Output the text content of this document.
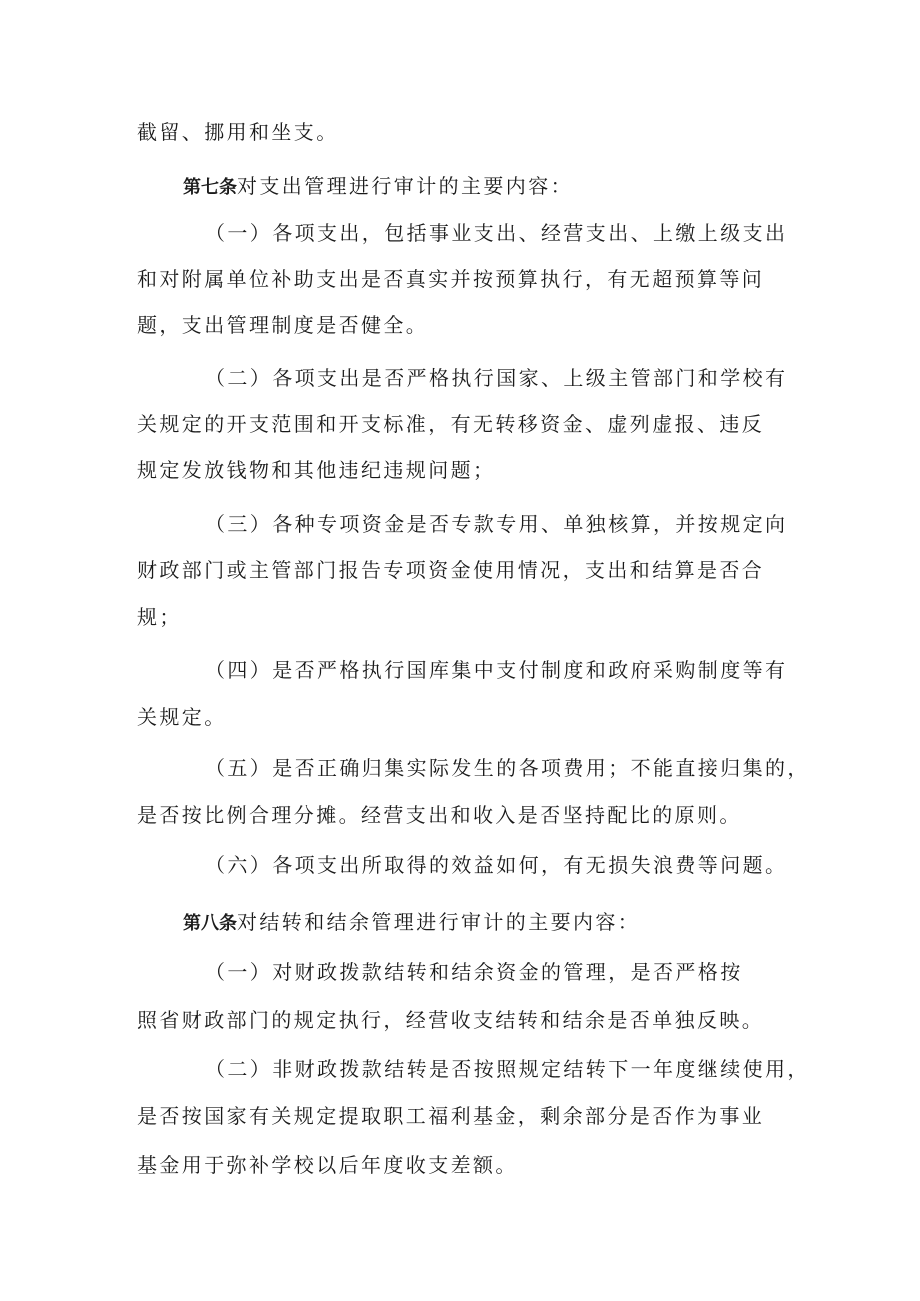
截留、挪用和坐支。
第七条对支出管理进行审计的主要内容：
（一）各项支出，包括事业支出、经营支出、上缴上级支出
和对附属单位补助支出是否真实并按预算执行，有无超预算等问
题，支出管理制度是否健全。
（二）各项支出是否严格执行国家、上级主管部门和学校有
关规定的开支范围和开支标准，有无转移资金、虚列虚报、违反
规定发放钱物和其他违纪违规问题；
（三）各种专项资金是否专款专用、单独核算，并按规定向
财政部门或主管部门报告专项资金使用情况，支出和结算是否合
规；
（四）是否严格执行国库集中支付制度和政府采购制度等有
关规定。
（五）是否正确归集实际发生的各项费用；不能直接归集的，
是否按比例合理分摊。经营支出和收入是否坚持配比的原则。
（六）各项支出所取得的效益如何，有无损失浪费等问题。
第八条对结转和结余管理进行审计的主要内容：
（一）对财政拨款结转和结余资金的管理，是否严格按
照省财政部门的规定执行，经营收支结转和结余是否单独反映。
（二）非财政拨款结转是否按照规定结转下一年度继续使用，
是否按国家有关规定提取职工福利基金，剩余部分是否作为事业
基金用于弥补学校以后年度收支差额。
